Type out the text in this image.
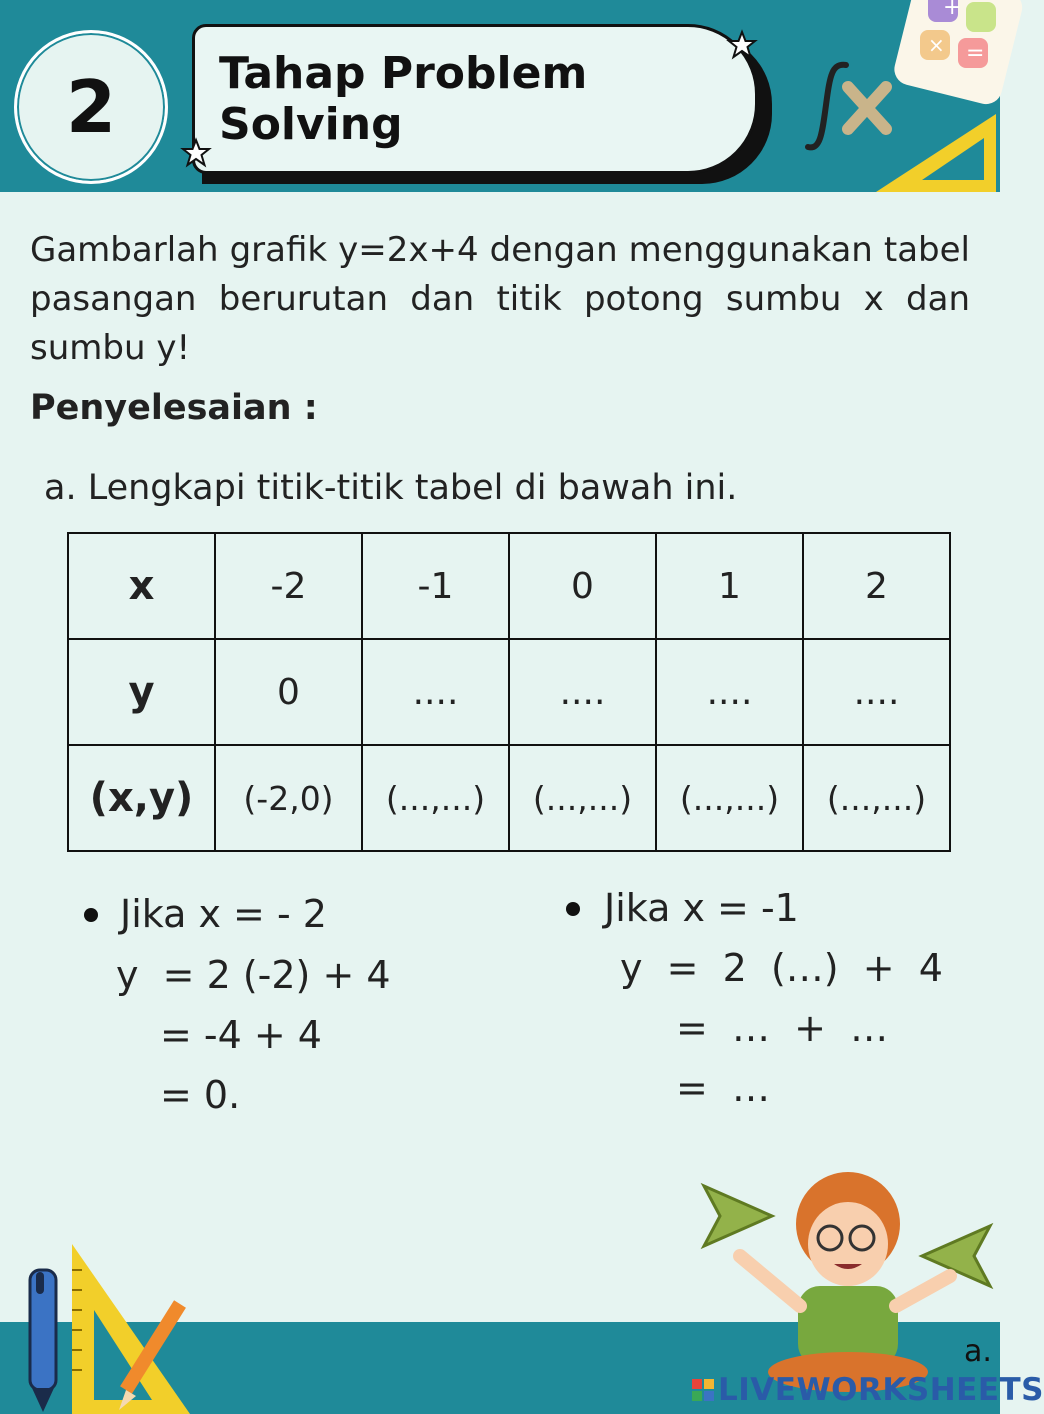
2	Tahap Problem Solving
+
× =
Gambarlah grafik y=2x+4 dengan menggunakan tabel pasangan berurutan dan titik potong sumbu x dan sumbu y!
Penyelesaian :
a. Lengkapi titik-titik tabel di bawah ini.
x	-2	-1	0	1	2
y	0	....	....	....	....
(x,y)	(-2,0)	(...,...)	(...,...)	(...,...)	(...,...)
Jika x = - 2
y  = 2 (-2) + 4
= -4 + 4
= 0.
Jika x = -1
y  =  2  (…)  +  4
=  …  +  …
=  …
a.
LIVEWORKSHEETS
